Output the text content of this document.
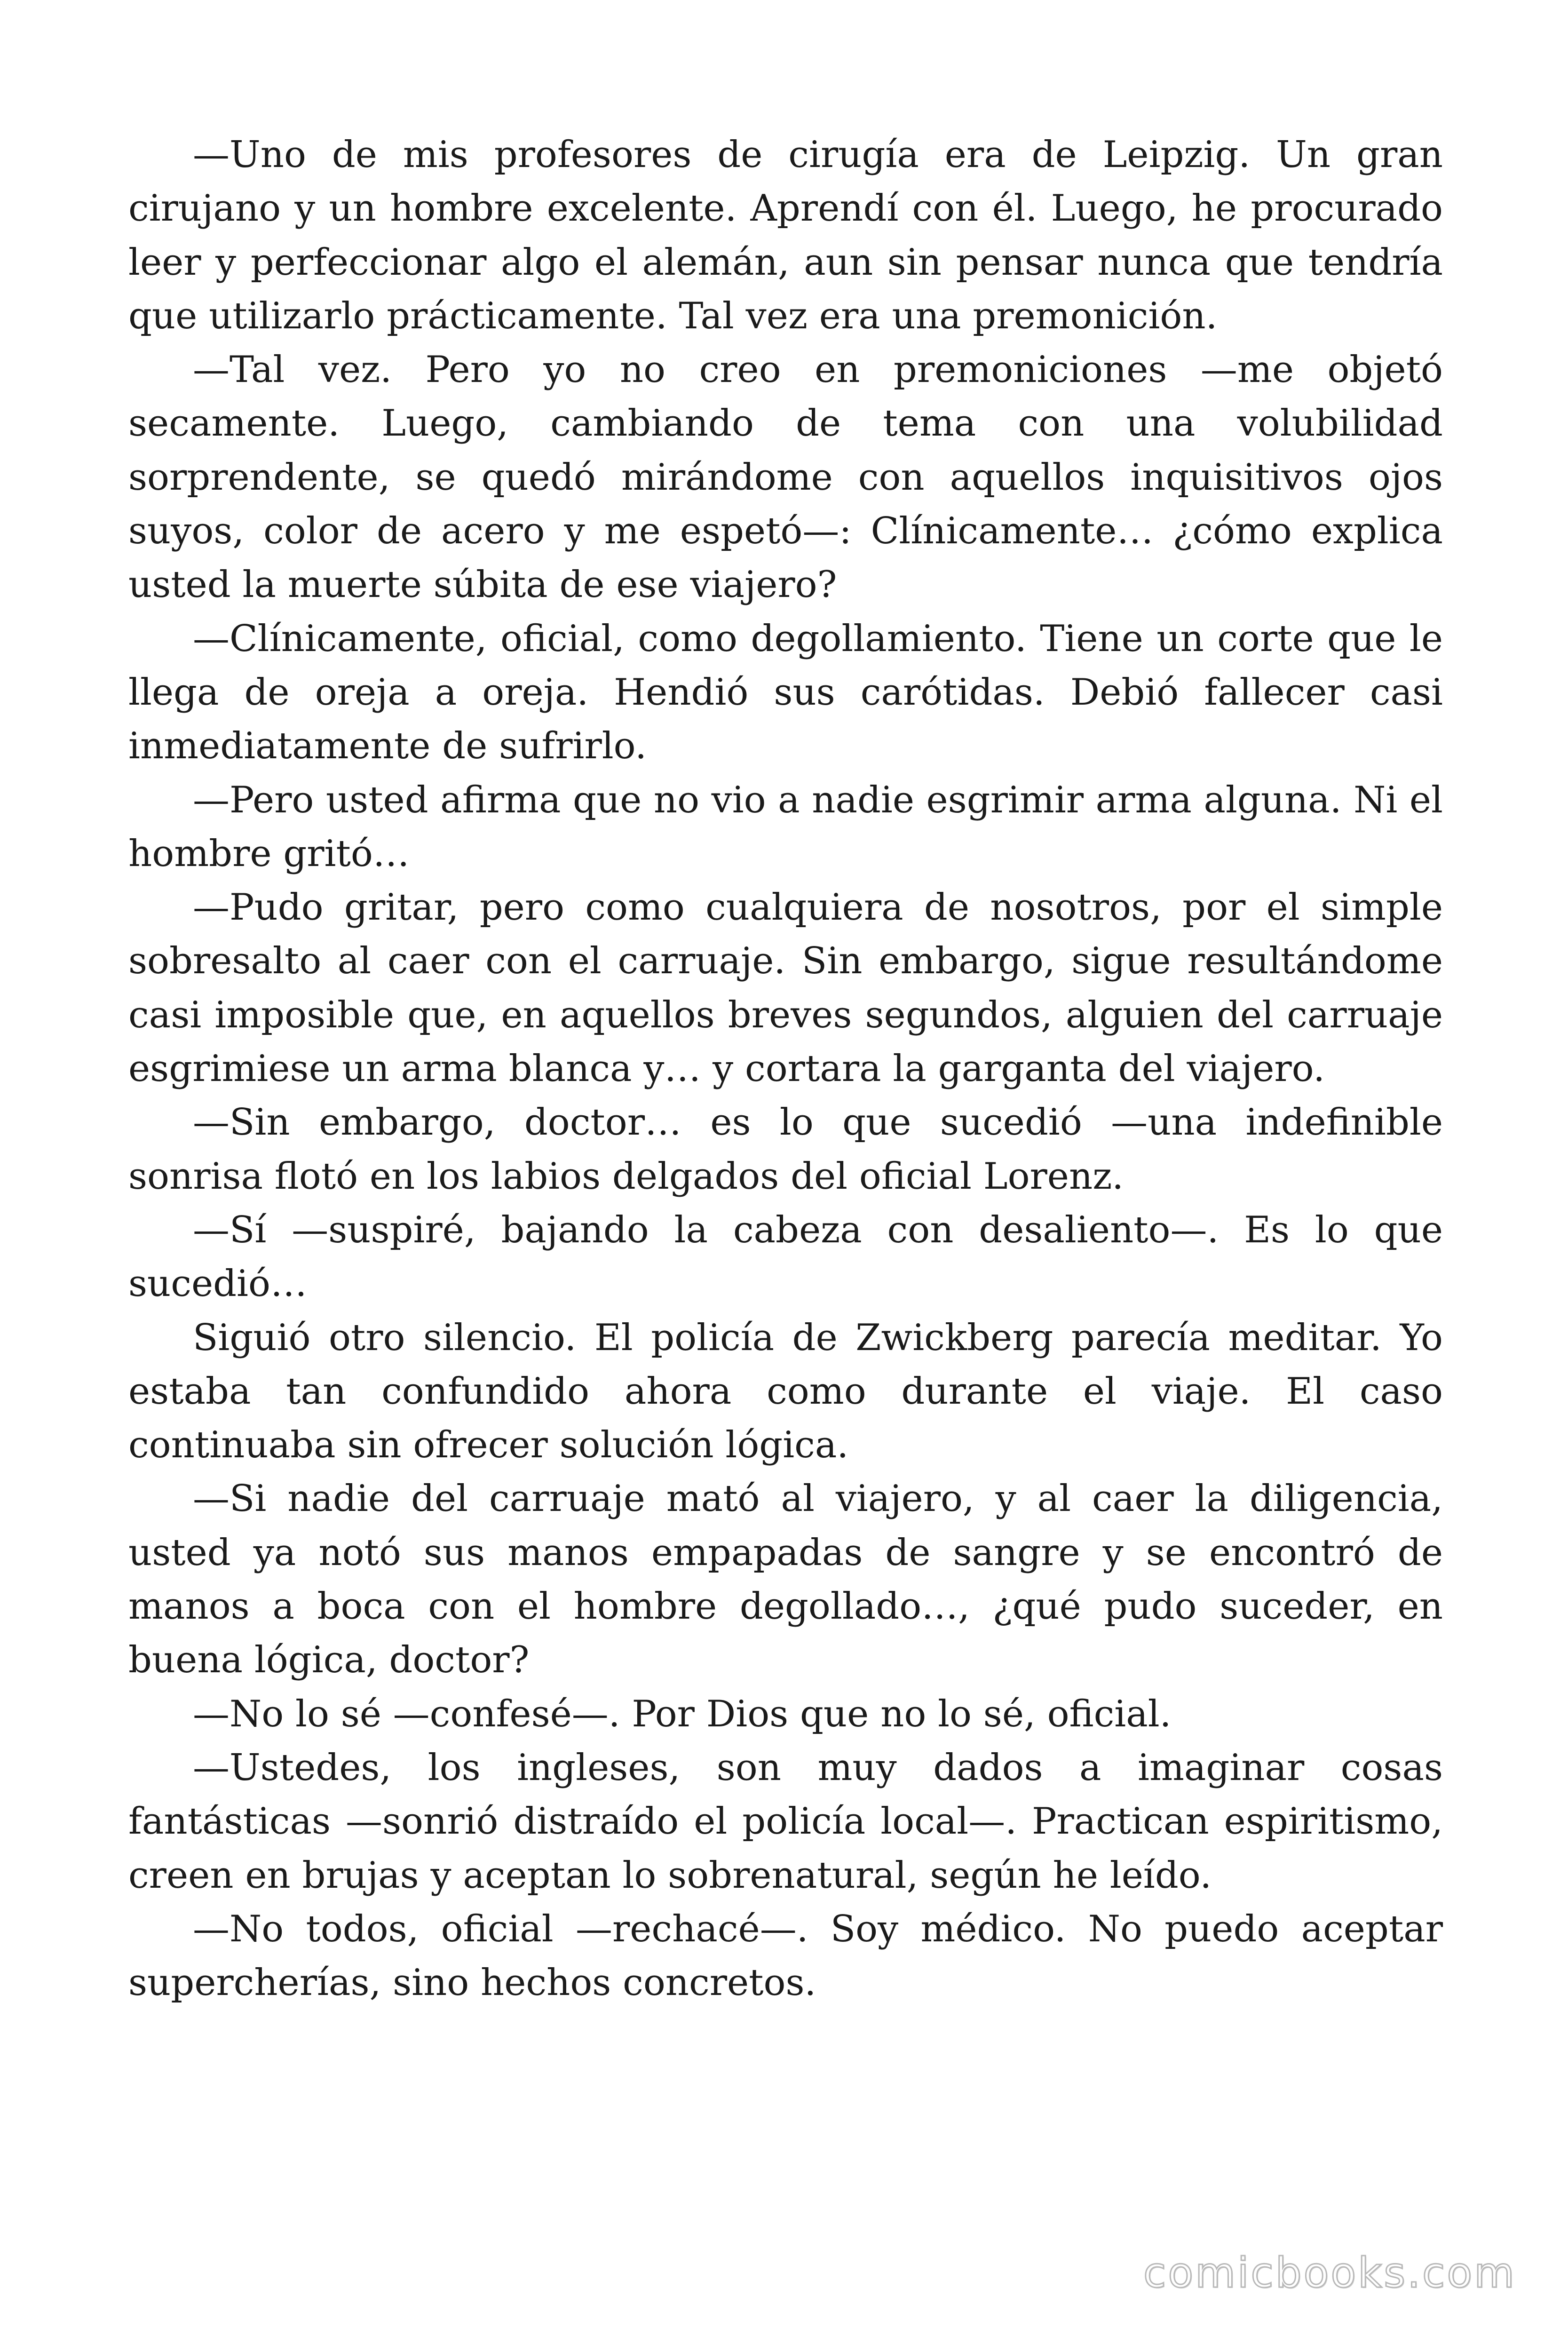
—Uno de mis profesores de cirugía era de Leipzig. Un gran cirujano y un hombre excelente. Aprendí con él. Luego, he procurado leer y perfeccionar algo el alemán, aun sin pensar nunca que tendría que utilizarlo prácticamente. Tal vez era una premonición.

—Tal vez. Pero yo no creo en premoniciones —me objetó secamente. Luego, cambiando de tema con una volubilidad sorprendente, se quedó mirándome con aquellos inquisitivos ojos suyos, color de acero y me espetó—: Clínicamente… ¿cómo explica usted la muerte súbita de ese viajero?

—Clínicamente, oficial, como degollamiento. Tiene un corte que le llega de oreja a oreja. Hendió sus carótidas. Debió fallecer casi inmediatamente de sufrirlo.

—Pero usted afirma que no vio a nadie esgrimir arma alguna. Ni el hombre gritó…

—Pudo gritar, pero como cualquiera de nosotros, por el simple sobresalto al caer con el carruaje. Sin embargo, sigue resultándome casi imposible que, en aquellos breves segundos, alguien del carruaje esgrimiese un arma blanca y… y cortara la garganta del viajero.

—Sin embargo, doctor… es lo que sucedió —una indefinible sonrisa flotó en los labios delgados del oficial Lorenz.

—Sí —suspiré, bajando la cabeza con desaliento—. Es lo que sucedió…

Siguió otro silencio. El policía de Zwickberg parecía meditar. Yo estaba tan confundido ahora como durante el viaje. El caso continuaba sin ofrecer solución lógica.

—Si nadie del carruaje mató al viajero, y al caer la diligencia, usted ya notó sus manos empapadas de sangre y se encontró de manos a boca con el hombre degollado…, ¿qué pudo suceder, en buena lógica, doctor?

—No lo sé —confesé—. Por Dios que no lo sé, oficial.

—Ustedes, los ingleses, son muy dados a imaginar cosas fantásticas —sonrió distraído el policía local—. Practican espiritismo, creen en brujas y aceptan lo sobrenatural, según he leído.

—No todos, oficial —rechacé—. Soy médico. No puedo aceptar supercherías, sino hechos concretos.

comicbooks.com
